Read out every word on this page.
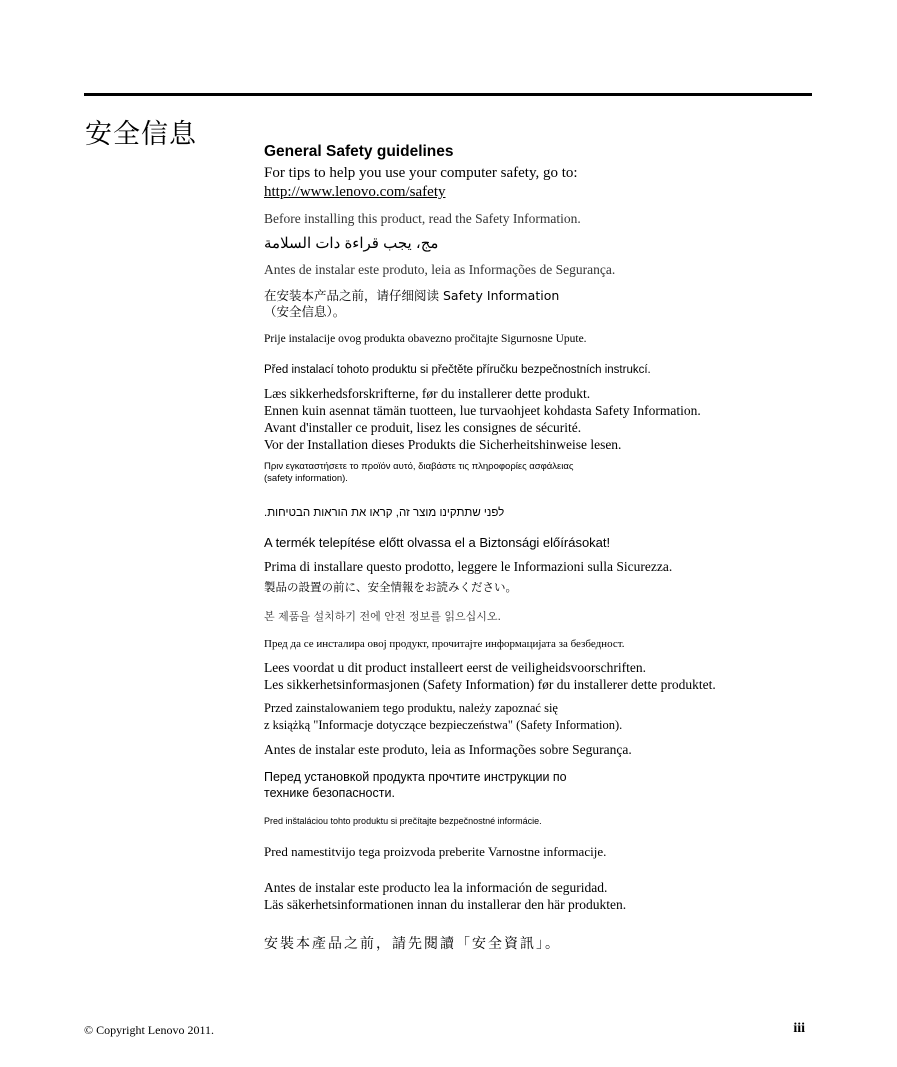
安全信息
General Safety guidelines
For tips to help you use your computer safety, go to:
http://www.lenovo.com/safety
Before installing this product, read the Safety Information.
مج، يجب قراءة دات السلامة
Antes de instalar este produto, leia as Informações de Segurança.
在安装本产品之前，请仔细阅读 Safety Information
（安全信息）。
Prije instalacije ovog produkta obavezno pročitajte Sigurnosne Upute.
Před instalací tohoto produktu si přečtěte příručku bezpečnostních instrukcí.
Læs sikkerhedsforskrifterne, før du installerer dette produkt.
Ennen kuin asennat tämän tuotteen, lue turvaohjeet kohdasta Safety Information.
Avant d'installer ce produit, lisez les consignes de sécurité.
Vor der Installation dieses Produkts die Sicherheitshinweise lesen.
Πριν εγκαταστήσετε το προϊόν αυτό, διαβάστε τις πληροφορίες ασφάλειας
(safety information).
לפני שתתקינו מוצר זה, קראו את הוראות הבטיחות.
A termék telepítése előtt olvassa el a Biztonsági előírásokat!
Prima di installare questo prodotto, leggere le Informazioni sulla Sicurezza.
製品の設置の前に、安全情報をお読みください。
본 제품을 설치하기 전에 안전 정보를 읽으십시오.
Пред да се инсталира овој продукт, прочитајте информацијата за безбедност.
Lees voordat u dit product installeert eerst de veiligheidsvoorschriften.
Les sikkerhetsinformasjonen (Safety Information) før du installerer dette produktet.
Przed zainstalowaniem tego produktu, należy zapoznać się
z książką "Informacje dotyczące bezpieczeństwa" (Safety Information).
Antes de instalar este produto, leia as Informações sobre Segurança.
Перед установкой продукта прочтите инструкции по
технике безопасности.
Pred inštaláciou tohto produktu si prečítajte bezpečnostné informácie.
Pred namestitvijo tega proizvoda preberite Varnostne informacije.
Antes de instalar este producto lea la información de seguridad.
Läs säkerhetsinformationen innan du installerar den här produkten.
安裝本產品之前，請先閱讀「安全資訊」。
© Copyright Lenovo 2011.	iii
